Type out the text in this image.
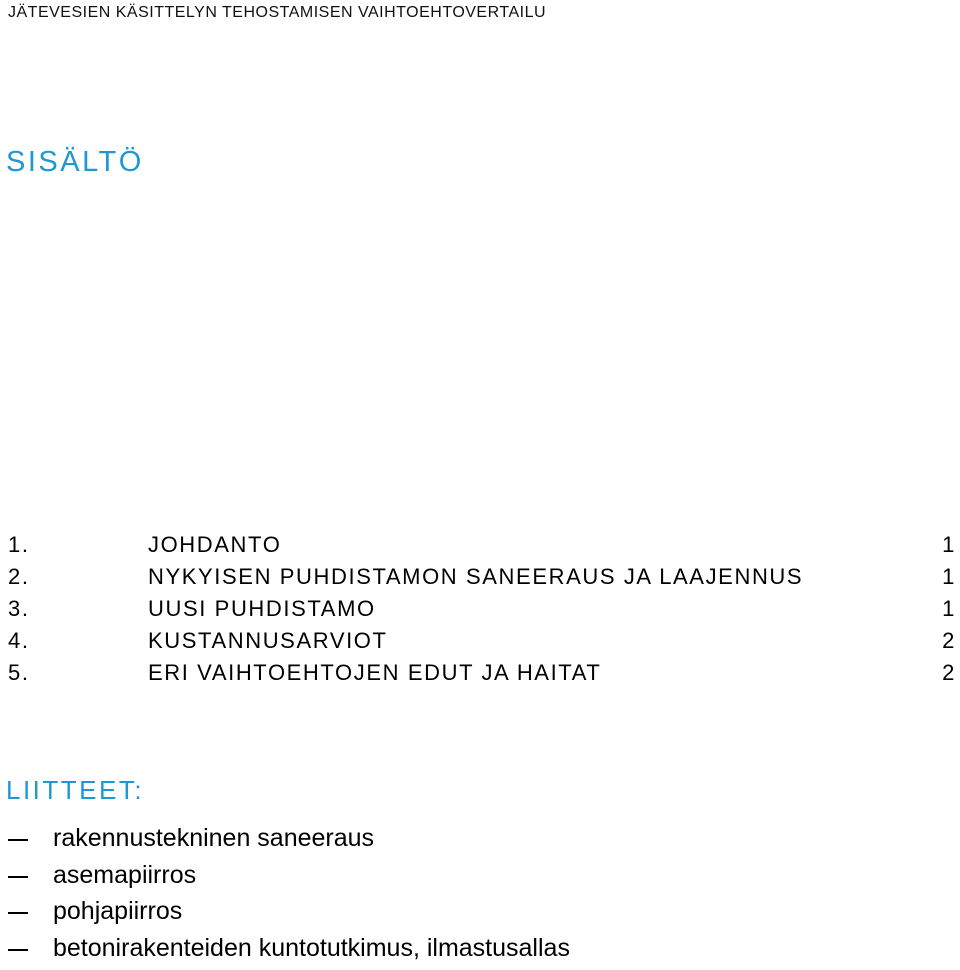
JÄTEVESIEN KÄSITTELYN TEHOSTAMISEN VAIHTOEHTOVERTAILU
SISÄLTÖ
1.	JOHDANTO	1
2.	NYKYISEN PUHDISTAMON SANEERAUS JA LAAJENNUS	1
3.	UUSI PUHDISTAMO	1
4.	KUSTANNUSARVIOT	2
5.	ERI VAIHTOEHTOJEN EDUT JA HAITAT	2
LIITTEET:
rakennustekninen saneeraus
asemapiirros
pohjapiirros
betonirakenteiden kuntotutkimus, ilmastusallas
